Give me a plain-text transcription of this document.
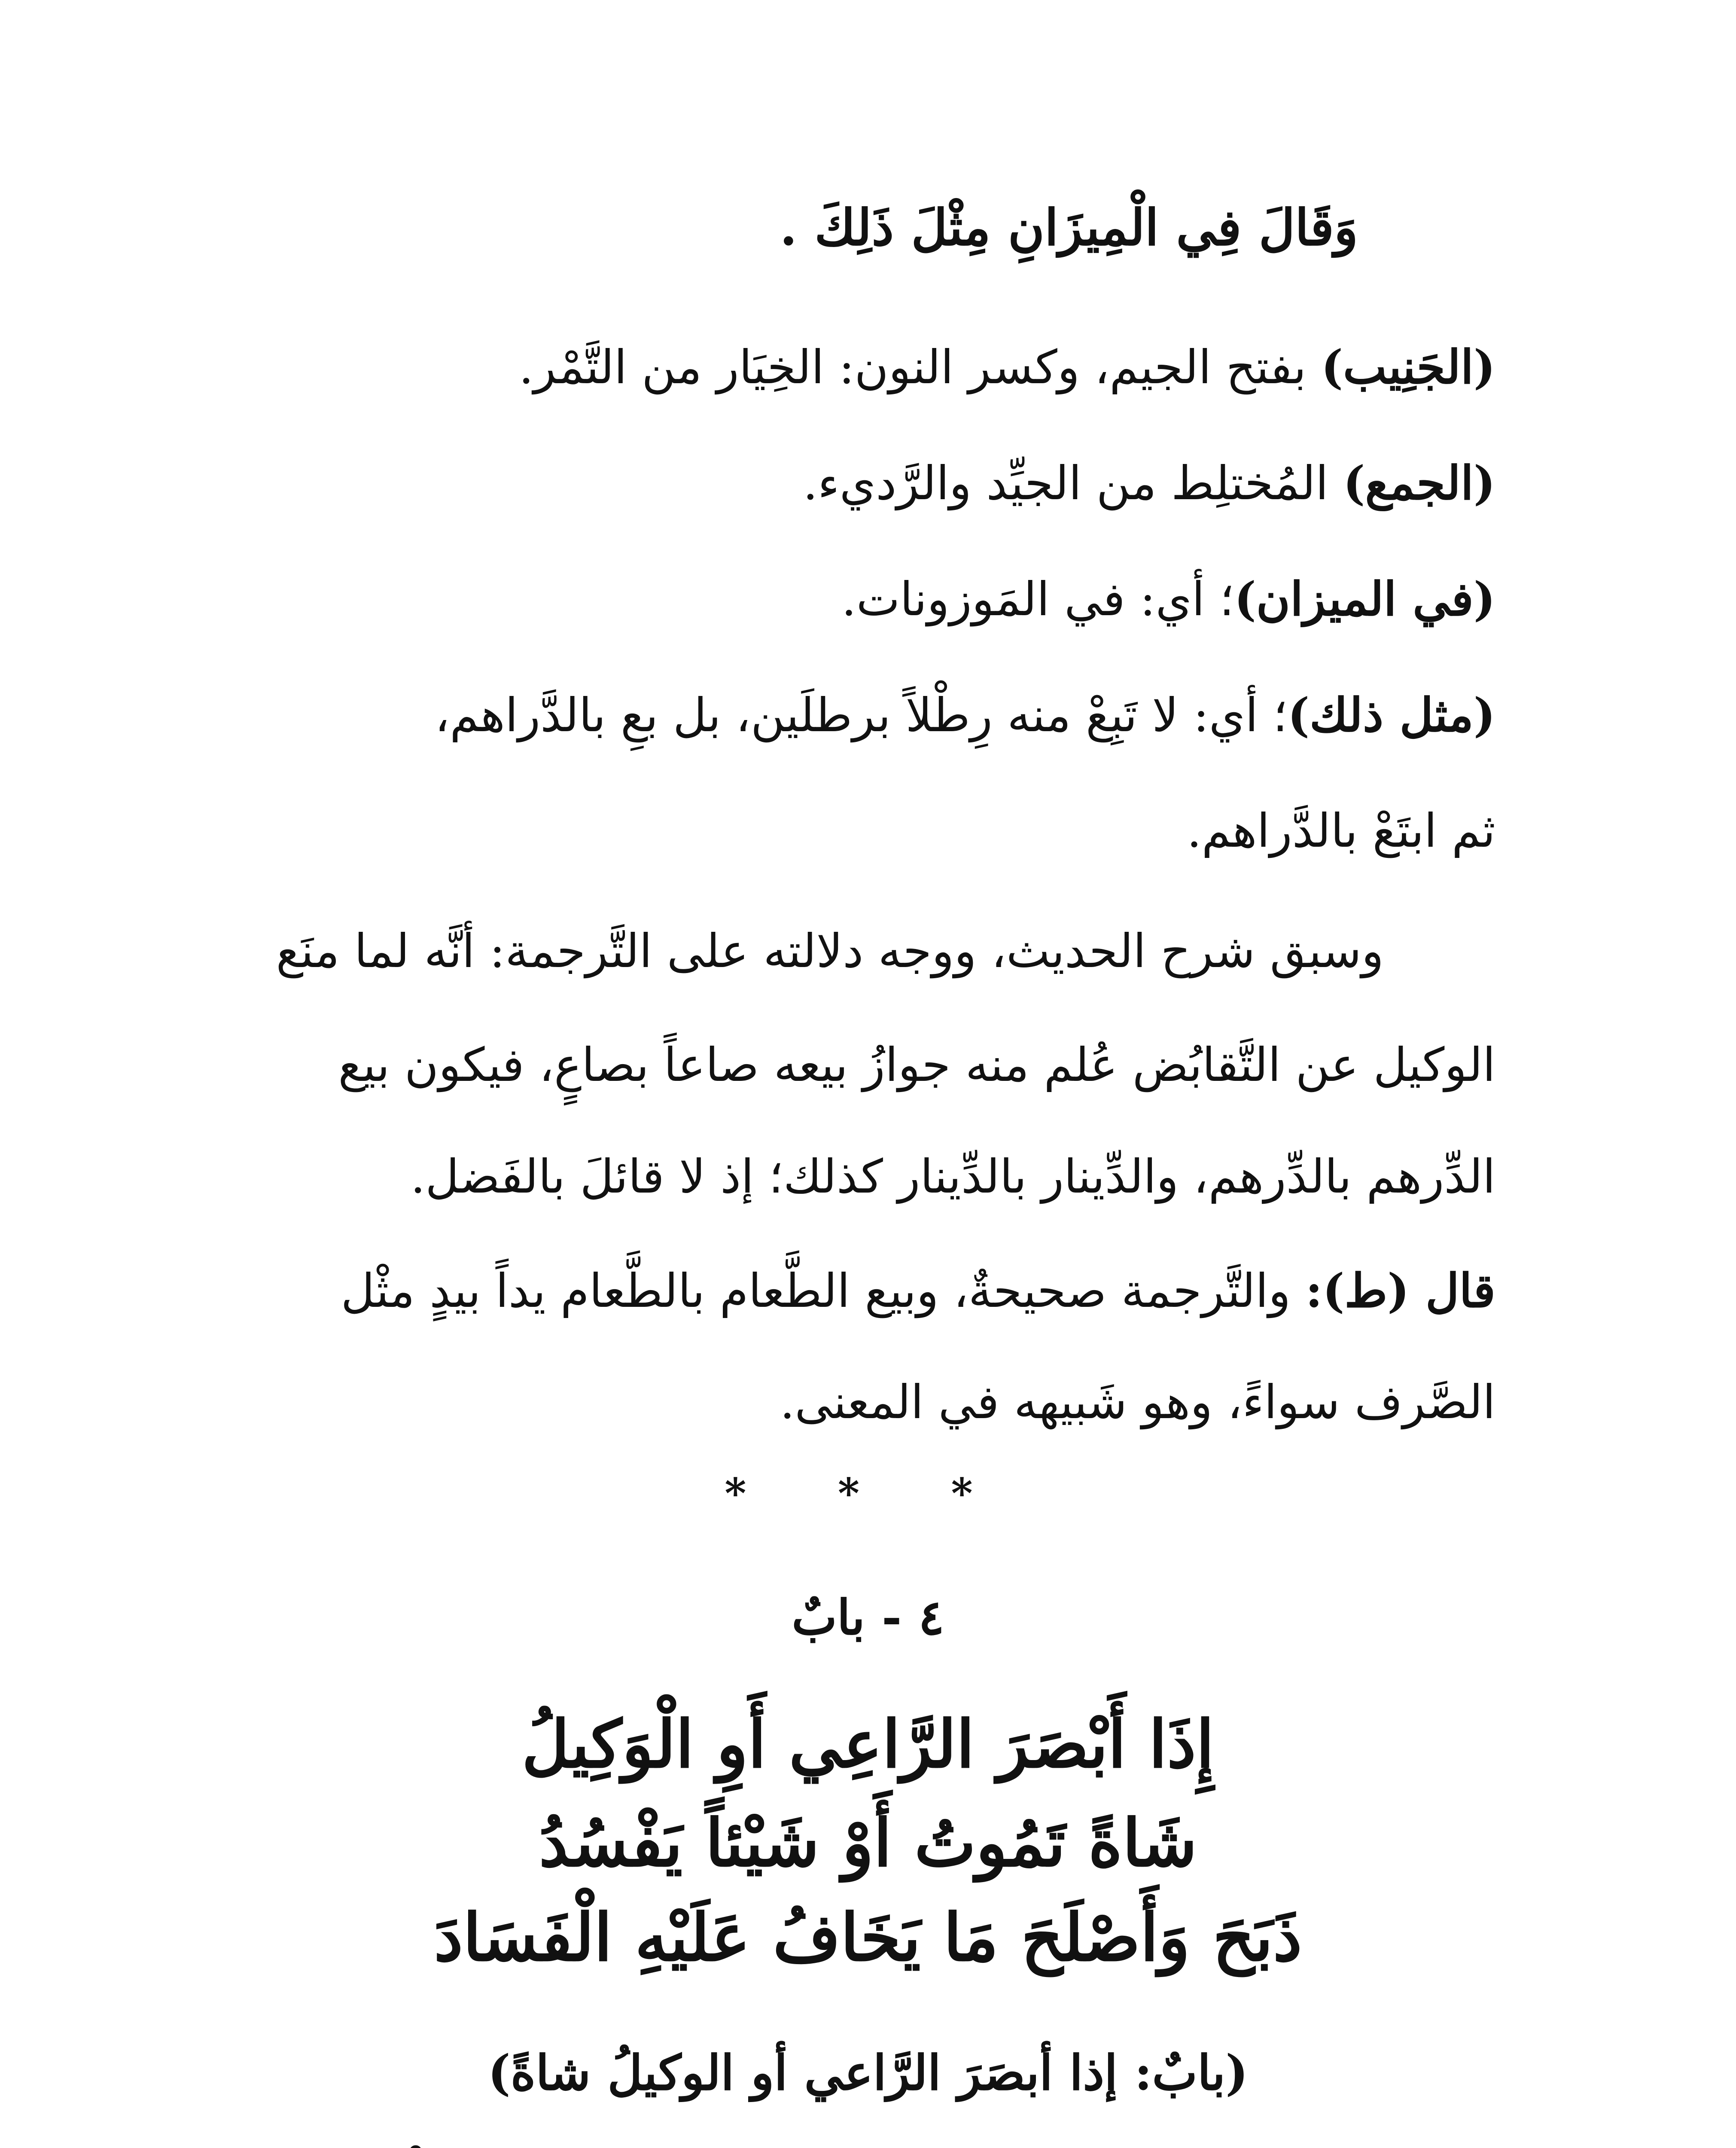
وَقَالَ فِي الْمِيزَانِ مِثْلَ ذَلِكَ .
(الجَنِيب) بفتح الجيم، وكسر النون: الخِيَار من التَّمْر.
(الجمع) المُختلِط من الجيِّد والرَّديء.
(في الميزان)؛ أي: في المَوزونات.
(مثل ذلك)؛ أي: لا تَبِعْ منه رِطْلاً برطلَين، بل بعِ بالدَّراهم،
ثم ابتَعْ بالدَّراهم.
وسبق شرح الحديث، ووجه دلالته على التَّرجمة: أنَّه لما منَع
الوكيل عن التَّقابُض عُلم منه جوازُ بيعه صاعاً بصاعٍ، فيكون بيع
الدِّرهم بالدِّرهم، والدِّينار بالدِّينار كذلك؛ إذ لا قائلَ بالفَضل.
قال (ط): والتَّرجمة صحيحةٌ، وبيع الطَّعام بالطَّعام يداً بيدٍ مثْل
الصَّرف سواءً، وهو شَبيهه في المعنى.
* * *
٤ - بابٌ
إِذَا أَبْصَرَ الرَّاعِي أَوِ الْوَكِيلُ
شَاةً تَمُوتُ أَوْ شَيْئاً يَفْسُدُ
ذَبَحَ وَأَصْلَحَ مَا يَخَافُ عَلَيْهِ الْفَسَادَ
(بابٌ: إذا أبصَرَ الرَّاعي أو الوكيلُ شاةً)
